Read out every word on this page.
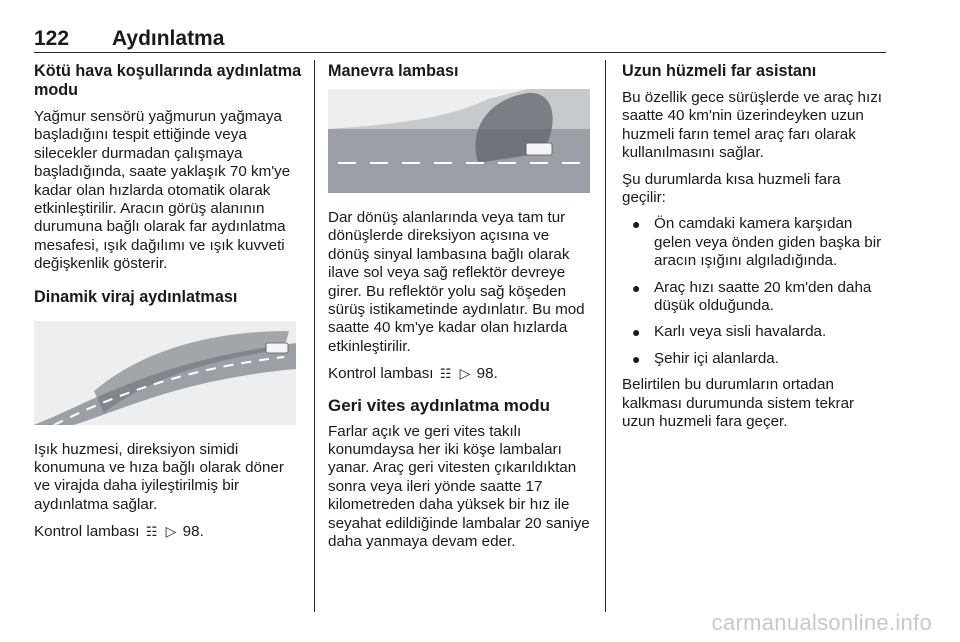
122 Aydınlatma
Kötü hava koşullarında aydınlatma modu

Yağmur sensörü yağmurun yağmaya başladığını tespit ettiğinde veya silecekler durmadan çalışmaya başladığında, saate yaklaşık 70 km'ye kadar olan hızlarda otomatik olarak etkinleştirilir. Aracın görüş alanının durumuna bağlı olarak far aydınlatma mesafesi, ışık dağılımı ve ışık kuvveti değişkenlik gösterir.

Dinamik viraj aydınlatması

Işık huzmesi, direksiyon simidi konumuna ve hıza bağlı olarak döner ve virajda daha iyileştirilmiş bir aydınlatma sağlar.

Kontrol lambası ☷ ▷ 98.

Manevra lambası

Dar dönüş alanlarında veya tam tur dönüşlerde direksiyon açısına ve dönüş sinyal lambasına bağlı olarak ilave sol veya sağ reflektör devreye girer. Bu reflektör yolu sağ köşeden sürüş istikametinde aydınlatır. Bu mod saatte 40 km'ye kadar olan hızlarda etkinleştirilir.

Kontrol lambası ☷ ▷ 98.

Geri vites aydınlatma modu

Farlar açık ve geri vites takılı konumdaysa her iki köşe lambaları yanar. Araç geri vitesten çıkarıldıktan sonra veya ileri yönde saatte 17 kilometreden daha yüksek bir hız ile seyahat edildiğinde lambalar 20 saniye daha yanmaya devam eder.

Uzun hüzmeli far asistanı

Bu özellik gece sürüşlerde ve araç hızı saatte 40 km'nin üzerindeyken uzun huzmeli farın temel araç farı olarak kullanılmasını sağlar.

Şu durumlarda kısa huzmeli fara geçilir:

● Ön camdaki kamera karşıdan gelen veya önden giden başka bir aracın ışığını algıladığında.
● Araç hızı saatte 20 km'den daha düşük olduğunda.
● Karlı veya sisli havalarda.
● Şehir içi alanlarda.

Belirtilen bu durumların ortadan kalkması durumunda sistem tekrar uzun huzmeli fara geçer.

carmanualsonline.info
